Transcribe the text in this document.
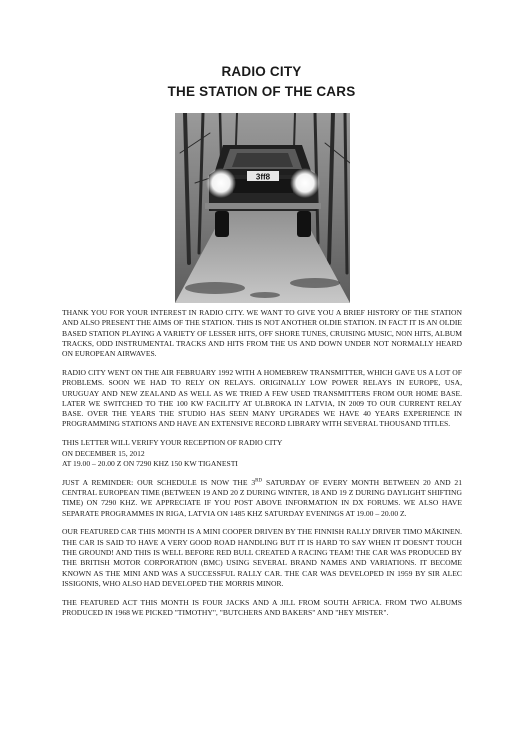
RADIO CITY
THE STATION OF THE CARS
3ff8

THANK YOU FOR YOUR INTEREST IN RADIO CITY. WE WANT TO GIVE YOU A BRIEF HISTORY OF THE STATION AND ALSO PRESENT THE AIMS OF THE STATION. THIS IS NOT ANOTHER OLDIE STATION. IN FACT IT IS AN OLDIE BASED STATION PLAYING A VARIETY OF LESSER HITS, OFF SHORE TUNES, CRUISING MUSIC, NON HITS, ALBUM TRACKS, ODD INSTRUMENTAL TRACKS AND HITS FROM THE US AND DOWN UNDER NOT NORMALLY HEARD ON EUROPEAN AIRWAVES.

RADIO CITY WENT ON THE AIR FEBRUARY 1992 WITH A HOMEBREW TRANSMITTER, WHICH GAVE US A LOT OF PROBLEMS. SOON WE HAD TO RELY ON RELAYS. ORIGINALLY LOW POWER RELAYS IN EUROPE, USA, URUGUAY AND NEW ZEALAND AS WELL AS WE TRIED A FEW USED TRANSMITTERS FROM OUR HOME BASE. LATER WE SWITCHED TO THE 100 KW FACILITY AT ULBROKA IN LATVIA, IN 2009 TO OUR CURRENT RELAY BASE. OVER THE YEARS THE STUDIO HAS SEEN MANY UPGRADES WE HAVE 40 YEARS EXPERIENCE IN PROGRAMMING STATIONS AND HAVE AN EXTENSIVE RECORD LIBRARY WITH SEVERAL THOUSAND TITLES.

THIS LETTER WILL VERIFY YOUR RECEPTION OF RADIO CITY
ON DECEMBER 15, 2012
AT 19.00 – 20.00 Z ON 7290 KHZ 150 KW TIGANESTI

JUST A REMINDER: OUR SCHEDULE IS NOW THE 3RD SATURDAY OF EVERY MONTH BETWEEN 20 AND 21 CENTRAL EUROPEAN TIME (BETWEEN 19 AND 20 Z DURING WINTER, 18 AND 19 Z DURING DAYLIGHT SHIFTING TIME) ON 7290 KHZ. WE APPRECIATE IF YOU POST ABOVE INFORMATION IN DX FORUMS. WE ALSO HAVE SEPARATE PROGRAMMES IN RIGA, LATVIA ON 1485 KHZ SATURDAY EVENINGS AT 19.00 – 20.00 Z.

OUR FEATURED CAR THIS MONTH IS A MINI COOPER DRIVEN BY THE FINNISH RALLY DRIVER TIMO MÄKINEN. THE CAR IS SAID TO HAVE A VERY GOOD ROAD HANDLING BUT IT IS HARD TO SAY WHEN IT DOESN'T TOUCH THE GROUND! AND THIS IS WELL BEFORE RED BULL CREATED A RACING TEAM! THE CAR WAS PRODUCED BY THE BRITISH MOTOR CORPORATION (BMC) USING SEVERAL BRAND NAMES AND VARIATIONS. IT BECOME KNOWN AS THE MINI AND WAS A SUCCESSFUL RALLY CAR. THE CAR WAS DEVELOPED IN 1959 BY SIR ALEC ISSIGONIS, WHO ALSO HAD DEVELOPED THE MORRIS MINOR.

THE FEATURED ACT THIS MONTH IS FOUR JACKS AND A JILL FROM SOUTH AFRICA. FROM TWO ALBUMS PRODUCED IN 1968 WE PICKED "TIMOTHY", "BUTCHERS AND BAKERS" AND "HEY MISTER".
